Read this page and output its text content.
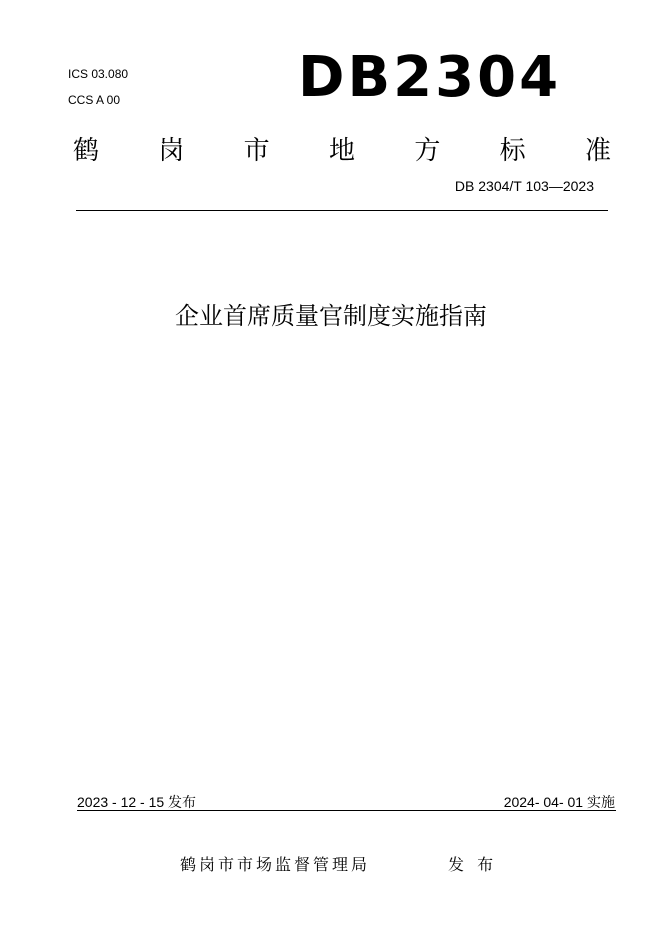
ICS 03.080
CCS A 00	DB2304
鹤 岗 市 地 方 标 准
DB 2304/T 103—2023
企业首席质量官制度实施指南
2023 - 12 - 15 发布	2024- 04- 01 实施
鹤岗市市场监督管理局	发 布
